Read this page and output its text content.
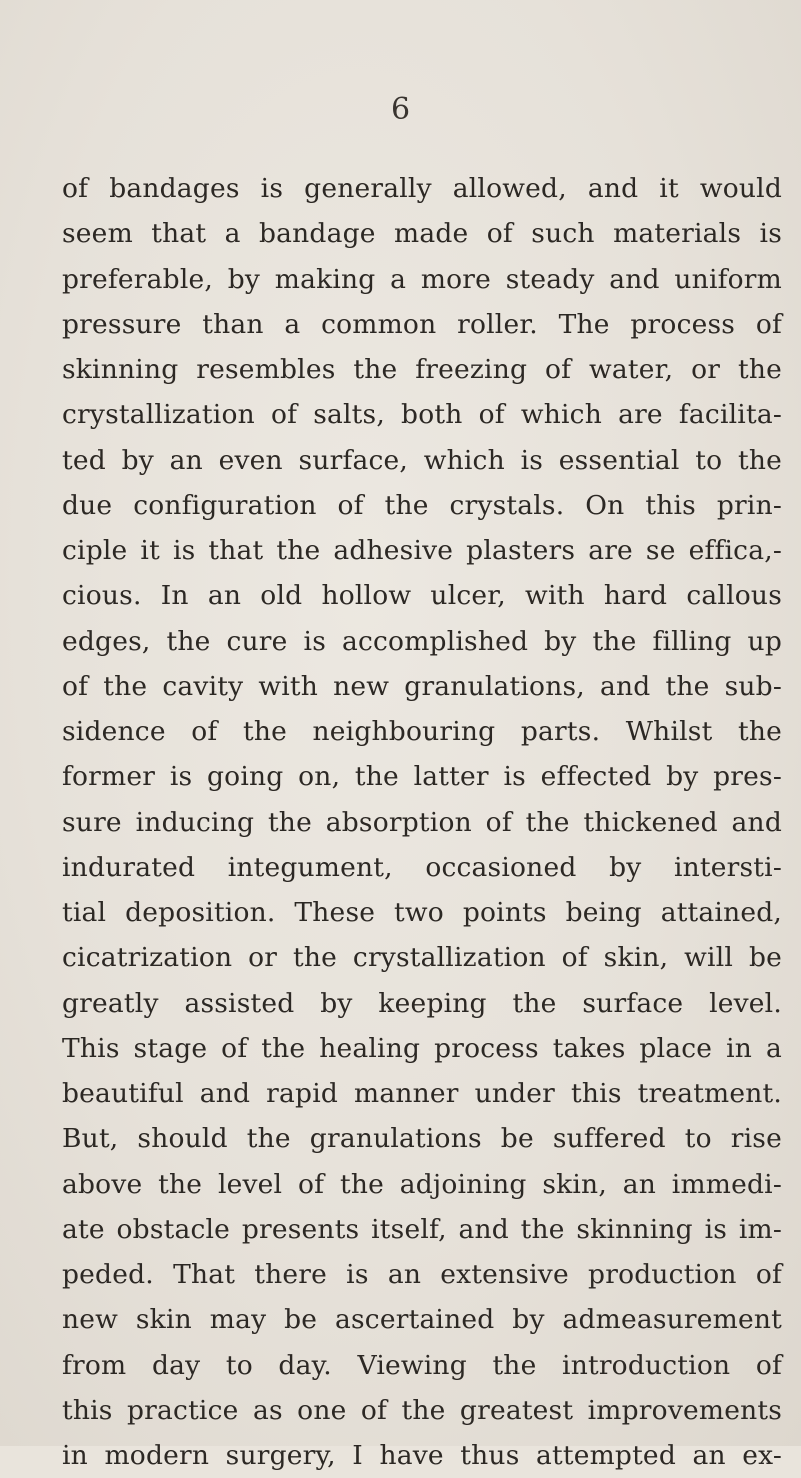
6
of bandages is generally allowed, and it would
seem that a bandage made of such materials is
preferable, by making a more steady and uniform
pressure than a common roller. The process of
skinning resembles the freezing of water, or the
crystallization of salts, both of which are facilita-
ted by an even surface, which is essential to the
due configuration of the crystals. On this prin-
ciple it is that the adhesive plasters are se effica,-
cious. In an old hollow ulcer, with hard callous
edges, the cure is accomplished by the filling up
of the cavity with new granulations, and the sub-
sidence of the neighbouring parts. Whilst the
former is going on, the latter is effected by pres-
sure inducing the absorption of the thickened and
indurated integument, occasioned by intersti-
tial deposition. These two points being attained,
cicatrization or the crystallization of skin, will be
greatly assisted by keeping the surface level.
This stage of the healing process takes place in a
beautiful and rapid manner under this treatment.
But, should the granulations be suffered to rise
above the level of the adjoining skin, an immedi-
ate obstacle presents itself, and the skinning is im-
peded. That there is an extensive production of
new skin may be ascertained by admeasurement
from day to day. Viewing the introduction of
this practice as one of the greatest improvements
in modern surgery, I have thus attempted an ex-
